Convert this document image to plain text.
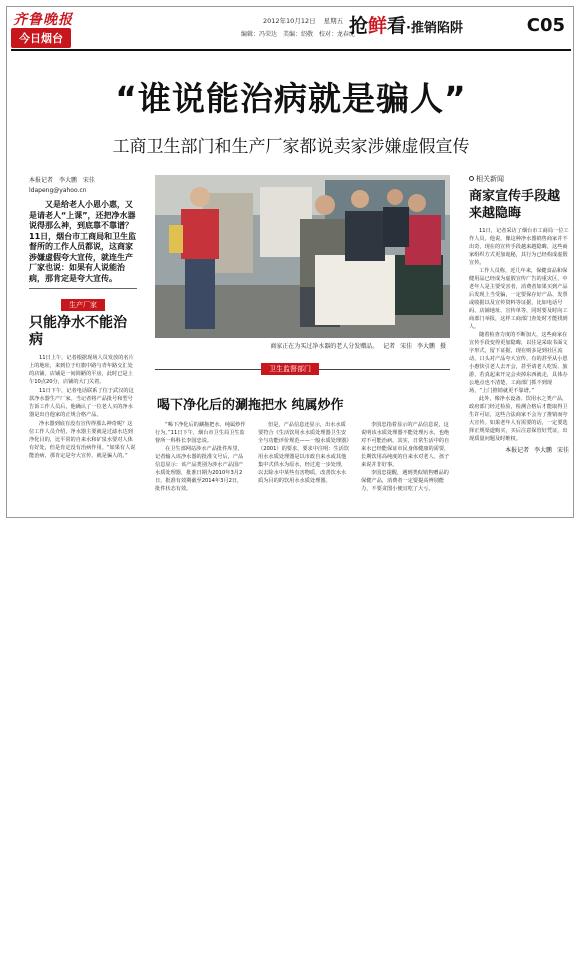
齐鲁晚报
今日烟台
2012年10月12日 星期五
编辑：冯荣达 美编：绍敬 校对：龙春虎
抢鲜看·推销陷阱	C05
“谁说能治病就是骗人”
工商卫生部门和生产厂家都说卖家涉嫌虚假宣传
本报记者 李大鹏 宋佳
ldapeng@yahoo.cn
又是给老人小恩小惠，又是请老人“上课”，还把净水器说得那么神，到底靠不靠谱？11日，烟台市工商局和卫生监督所的工作人员都说，这商家涉嫌虚假夸大宣传，就连生产厂家也说：如果有人说能治病，那肯定是夸大宣传。
生产厂家
只能净水不能治病

11日上午，记者根据现场人员发放的名片上的地址，来到位于红旗中路与青年路交汇处的店铺。店铺是一间简陋的平房，此时已是上午10点20分，店铺的大门关着。

11日下午，记者电话联系了位于武汉的这款净水器生产厂家。当记者将产品批号和型号告诉工作人员后，他确认了一位老人买的净水器是出自他家的正规合格产品。

净水器到底有没有宣传得那么神奇呢？这位工作人员介绍，净水器主要就是过滤水达到净化目的，比平常的自来水和矿泉水要对人体有好处，但是肯定没有治病作用。“如果有人说能治病，那肯定是夸大宣传，就是骗人的。”

商家正在为买过净水器的老人分发赠品。 记者 宋佳 李大鹏 摄
卫生监督部门
喝下净化后的涮拖把水 纯属炒作

“喝下净化后的涮拖把水，纯属炒作行为。”11日下午，烟台市卫生局卫生监督所一科科长李国忠说。

在卫生部网站涉水产品批件库里，记者输入该净水器的批准文号后，产品信息显示：该产品类别为涉水产品国产水质处理器，批准日期为2010年3月2日，批准有效期截至2014年3月2日，批件状态有效。

但是，产品信息还显示，出水水质要符合《生活饮用水水质处理器卫生安全与功能评价规范——一般水质处理器》（2001）的要求，要求中注明：生活饮用水水质处理器是以市政自来水或其他集中式供水为原水，经过进一步处理，以去除水中某些有害物质，改善饮水水质为目的的饮用水水质处理器。

李国忠指着显示的产品信息说，这说明该水质处理器不能处理污水，也绝对不可能治病。其实，日常生活中的自来水已经能保证市民身体健康的需要，长期饮用高纯度的自来水对老人、孩子来说并非好事。

李国忠提醒，遇到类似销售赠品的保健产品，消费者一定要提高辨别能力，不要贪图小便宜吃了大亏。

相关新闻
商家宣传手段越来越隐晦

11日，记者采访了烟台市工商局一位工作人员，他说，像这种净水器销售商家并不出奇，现在的宣传手段越来越隐晦，这些商家组织方式更加诡秘，其行为已经构成虚假宣传。

工作人员称，近几年来，保健食品和保健用品已经成为虚假宣传广告的重灾区，中老年人是主要受害者，消费者如果买到产品后发现上当受骗，一定要保存好产品、发票或收据以及宣传资料等证据，比如电话号码、店铺地址、宣传单等，同时要及时向工商部门举报，这样工商部门查处时才能找到人。

随着检查力度的不断加大，这些商家在宣传手段变得更加隐晦，以往是采取书面文字形式，留下证据，现在则多是到社区流动，口头对产品夸大宣传，有的甚至从小恩小惠快引老人去开会，甚至请老人吃饭、旅游，若真起来开完会卖掉东西就走，具体办公地点也不清楚，工商部门抓不到现场，“上门推销就更不靠谱。”

此外，像净水设备、饮用水之类产品，政府部门经过检验，检测合格后才能取得卫生许可证，这些合法商家不会为了推销而夸大宣传。如果老年人有需要的话，一定要选择正规渠道购买，买后注意保管好凭证，出现质量问题及时维权。

本报记者 李大鹏 宋佳
